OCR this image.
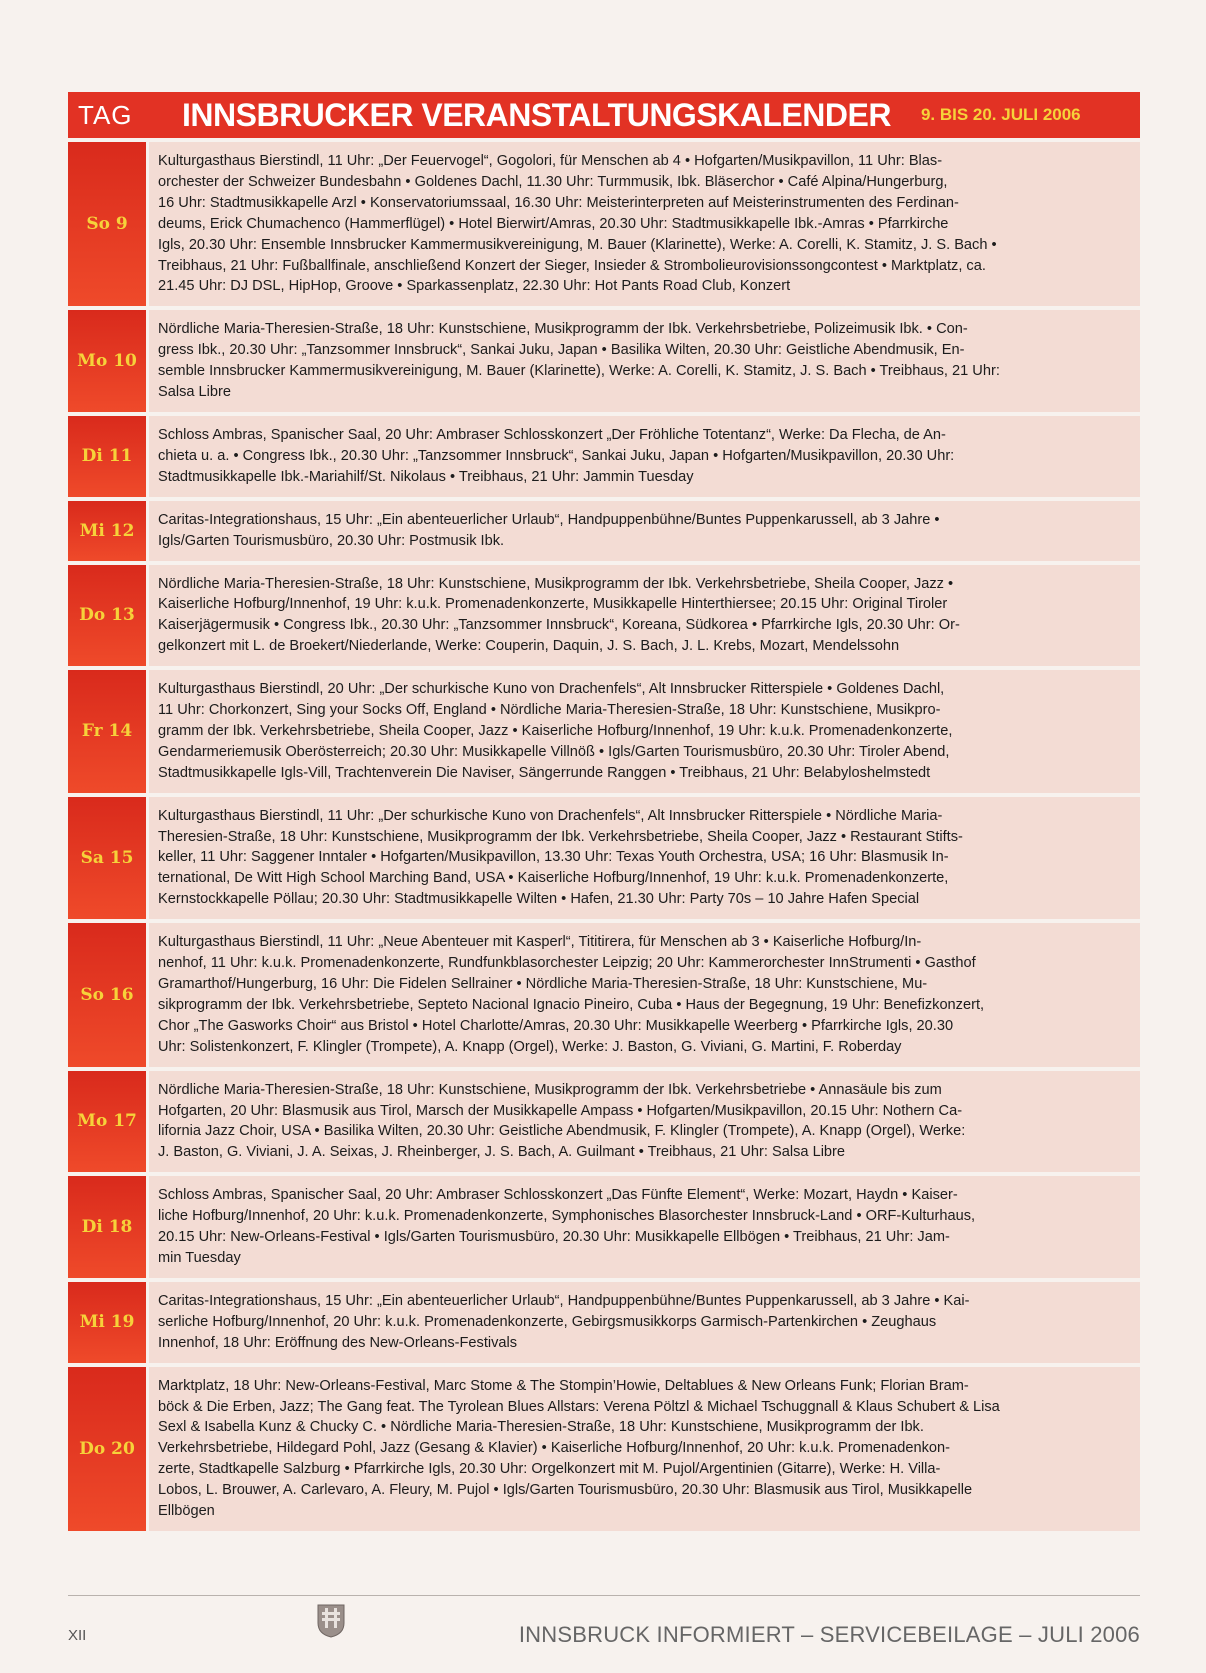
TAG	INNSBRUCKER VERANSTALTUNGSKALENDER 9. BIS 20. JULI 2006
So 9
Kulturgasthaus Bierstindl, 11 Uhr: „Der Feuervogel“, Gogolori, für Menschen ab 4 • Hofgarten/Musikpavillon, 11 Uhr: Blas-
orchester der Schweizer Bundesbahn • Goldenes Dachl, 11.30 Uhr: Turmmusik, Ibk. Bläserchor • Café Alpina/Hungerburg,
16 Uhr: Stadtmusikkapelle Arzl • Konservatoriumssaal, 16.30 Uhr: Meisterinterpreten auf Meisterinstrumenten des Ferdinan-
deums, Erick Chumachenco (Hammerflügel) • Hotel Bierwirt/Amras, 20.30 Uhr: Stadtmusikkapelle Ibk.-Amras • Pfarrkirche
Igls, 20.30 Uhr: Ensemble Innsbrucker Kammermusikvereinigung, M. Bauer (Klarinette), Werke: A. Corelli, K. Stamitz, J. S. Bach •
Treibhaus, 21 Uhr: Fußballfinale, anschließend Konzert der Sieger, Insieder & Strombolieurovisionssongcontest • Marktplatz, ca.
21.45 Uhr: DJ DSL, HipHop, Groove • Sparkassenplatz, 22.30 Uhr: Hot Pants Road Club, Konzert
Mo 10
Nördliche Maria-Theresien-Straße, 18 Uhr: Kunstschiene, Musikprogramm der Ibk. Verkehrsbetriebe, Polizeimusik Ibk. • Con-
gress Ibk., 20.30 Uhr: „Tanzsommer Innsbruck“, Sankai Juku, Japan • Basilika Wilten, 20.30 Uhr: Geistliche Abendmusik, En-
semble Innsbrucker Kammermusikvereinigung, M. Bauer (Klarinette), Werke: A. Corelli, K. Stamitz, J. S. Bach • Treibhaus, 21 Uhr:
Salsa Libre
Di 11
Schloss Ambras, Spanischer Saal, 20 Uhr: Ambraser Schlosskonzert „Der Fröhliche Totentanz“, Werke: Da Flecha, de An-
chieta u. a. • Congress Ibk., 20.30 Uhr: „Tanzsommer Innsbruck“, Sankai Juku, Japan • Hofgarten/Musikpavillon, 20.30 Uhr:
Stadtmusikkapelle Ibk.-Mariahilf/St. Nikolaus • Treibhaus, 21 Uhr: Jammin Tuesday
Mi 12
Caritas-Integrationshaus, 15 Uhr: „Ein abenteuerlicher Urlaub“, Handpuppenbühne/Buntes Puppenkarussell, ab 3 Jahre •
Igls/Garten Tourismusbüro, 20.30 Uhr: Postmusik Ibk.
Do 13
Nördliche Maria-Theresien-Straße, 18 Uhr: Kunstschiene, Musikprogramm der Ibk. Verkehrsbetriebe, Sheila Cooper, Jazz •
Kaiserliche Hofburg/Innenhof, 19 Uhr: k.u.k. Promenadenkonzerte, Musikkapelle Hinterthiersee; 20.15 Uhr: Original Tiroler
Kaiserjägermusik • Congress Ibk., 20.30 Uhr: „Tanzsommer Innsbruck“, Koreana, Südkorea • Pfarrkirche Igls, 20.30 Uhr: Or-
gelkonzert mit L. de Broekert/Niederlande, Werke: Couperin, Daquin, J. S. Bach, J. L. Krebs, Mozart, Mendelssohn
Fr 14
Kulturgasthaus Bierstindl, 20 Uhr: „Der schurkische Kuno von Drachenfels“, Alt Innsbrucker Ritterspiele • Goldenes Dachl,
11 Uhr: Chorkonzert, Sing your Socks Off, England • Nördliche Maria-Theresien-Straße, 18 Uhr: Kunstschiene, Musikpro-
gramm der Ibk. Verkehrsbetriebe, Sheila Cooper, Jazz • Kaiserliche Hofburg/Innenhof, 19 Uhr: k.u.k. Promenadenkonzerte,
Gendarmeriemusik Oberösterreich; 20.30 Uhr: Musikkapelle Villnöß • Igls/Garten Tourismusbüro, 20.30 Uhr: Tiroler Abend,
Stadtmusikkapelle Igls-Vill, Trachtenverein Die Naviser, Sängerrunde Ranggen • Treibhaus, 21 Uhr: Belabyloshelmstedt
Sa 15
Kulturgasthaus Bierstindl, 11 Uhr: „Der schurkische Kuno von Drachenfels“, Alt Innsbrucker Ritterspiele • Nördliche Maria-
Theresien-Straße, 18 Uhr: Kunstschiene, Musikprogramm der Ibk. Verkehrsbetriebe, Sheila Cooper, Jazz • Restaurant Stifts-
keller, 11 Uhr: Saggener Inntaler • Hofgarten/Musikpavillon, 13.30 Uhr: Texas Youth Orchestra, USA; 16 Uhr: Blasmusik In-
ternational, De Witt High School Marching Band, USA • Kaiserliche Hofburg/Innenhof, 19 Uhr: k.u.k. Promenadenkonzerte,
Kernstockkapelle Pöllau; 20.30 Uhr: Stadtmusikkapelle Wilten • Hafen, 21.30 Uhr: Party 70s – 10 Jahre Hafen Special
So 16
Kulturgasthaus Bierstindl, 11 Uhr: „Neue Abenteuer mit Kasperl“, Tititirera, für Menschen ab 3 • Kaiserliche Hofburg/In-
nenhof, 11 Uhr: k.u.k. Promenadenkonzerte, Rundfunkblasorchester Leipzig; 20 Uhr: Kammerorchester InnStrumenti • Gasthof
Gramarthof/Hungerburg, 16 Uhr: Die Fidelen Sellrainer • Nördliche Maria-Theresien-Straße, 18 Uhr: Kunstschiene, Mu-
sikprogramm der Ibk. Verkehrsbetriebe, Septeto Nacional Ignacio Pineiro, Cuba • Haus der Begegnung, 19 Uhr: Benefizkonzert,
Chor „The Gasworks Choir“ aus Bristol • Hotel Charlotte/Amras, 20.30 Uhr: Musikkapelle Weerberg • Pfarrkirche Igls, 20.30
Uhr: Solistenkonzert, F. Klingler (Trompete), A. Knapp (Orgel), Werke: J. Baston, G. Viviani, G. Martini, F. Roberday
Mo 17
Nördliche Maria-Theresien-Straße, 18 Uhr: Kunstschiene, Musikprogramm der Ibk. Verkehrsbetriebe • Annasäule bis zum
Hofgarten, 20 Uhr: Blasmusik aus Tirol, Marsch der Musikkapelle Ampass • Hofgarten/Musikpavillon, 20.15 Uhr: Nothern Ca-
lifornia Jazz Choir, USA • Basilika Wilten, 20.30 Uhr: Geistliche Abendmusik, F. Klingler (Trompete), A. Knapp (Orgel), Werke:
J. Baston, G. Viviani, J. A. Seixas, J. Rheinberger, J. S. Bach, A. Guilmant • Treibhaus, 21 Uhr: Salsa Libre
Di 18
Schloss Ambras, Spanischer Saal, 20 Uhr: Ambraser Schlosskonzert „Das Fünfte Element“, Werke: Mozart, Haydn • Kaiser-
liche Hofburg/Innenhof, 20 Uhr: k.u.k. Promenadenkonzerte, Symphonisches Blasorchester Innsbruck-Land • ORF-Kulturhaus,
20.15 Uhr: New-Orleans-Festival • Igls/Garten Tourismusbüro, 20.30 Uhr: Musikkapelle Ellbögen • Treibhaus, 21 Uhr: Jam-
min Tuesday
Mi 19
Caritas-Integrationshaus, 15 Uhr: „Ein abenteuerlicher Urlaub“, Handpuppenbühne/Buntes Puppenkarussell, ab 3 Jahre • Kai-
serliche Hofburg/Innenhof, 20 Uhr: k.u.k. Promenadenkonzerte, Gebirgsmusikkorps Garmisch-Partenkirchen • Zeughaus
Innenhof, 18 Uhr: Eröffnung des New-Orleans-Festivals
Do 20
Marktplatz, 18 Uhr: New-Orleans-Festival, Marc Stome & The Stompin’Howie, Deltablues & New Orleans Funk; Florian Bram-
böck & Die Erben, Jazz; The Gang feat. The Tyrolean Blues Allstars: Verena Pöltzl & Michael Tschuggnall & Klaus Schubert & Lisa
Sexl & Isabella Kunz & Chucky C. • Nördliche Maria-Theresien-Straße, 18 Uhr: Kunstschiene, Musikprogramm der Ibk.
Verkehrsbetriebe, Hildegard Pohl, Jazz (Gesang & Klavier) • Kaiserliche Hofburg/Innenhof, 20 Uhr: k.u.k. Promenadenkon-
zerte, Stadtkapelle Salzburg • Pfarrkirche Igls, 20.30 Uhr: Orgelkonzert mit M. Pujol/Argentinien (Gitarre), Werke: H. Villa-
Lobos, L. Brouwer, A. Carlevaro, A. Fleury, M. Pujol • Igls/Garten Tourismusbüro, 20.30 Uhr: Blasmusik aus Tirol, Musikkapelle
Ellbögen
XII	INNSBRUCK INFORMIERT – SERVICEBEILAGE – JULI 2006
